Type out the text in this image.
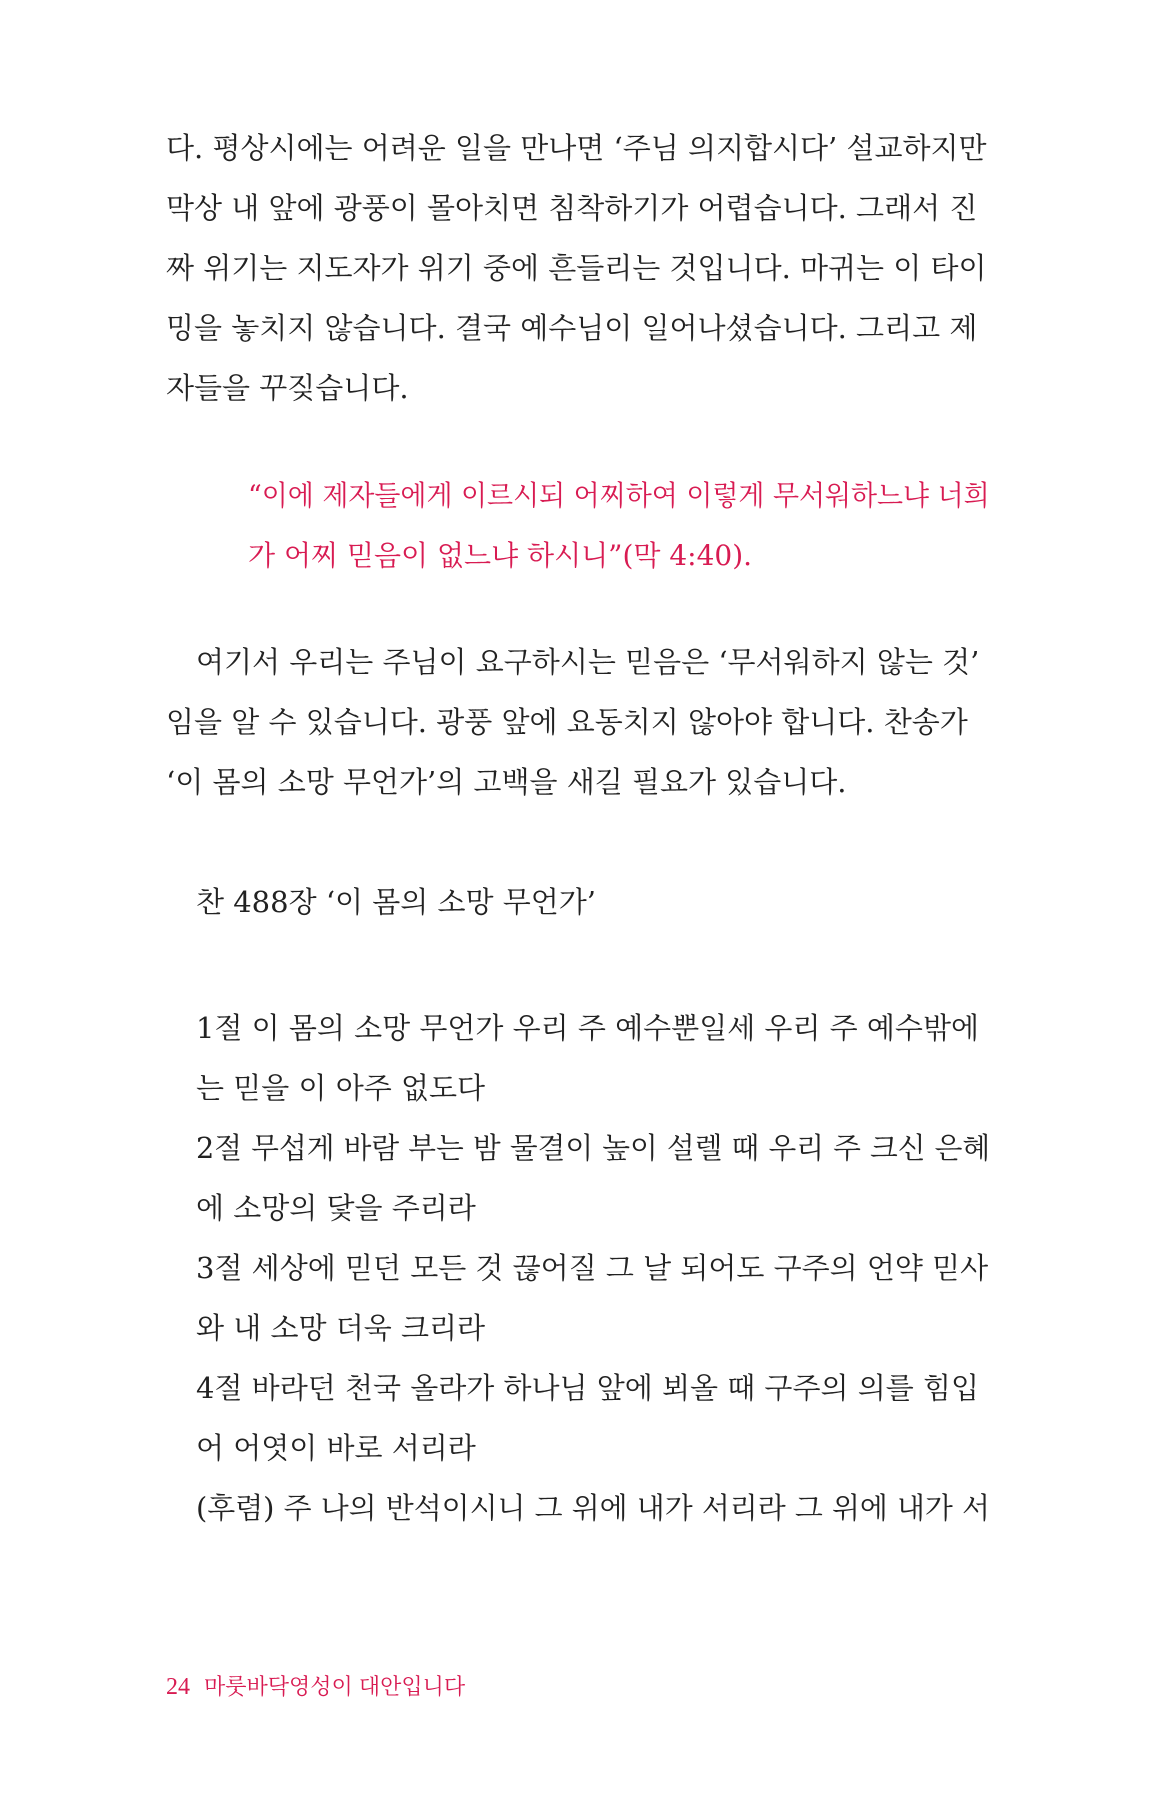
다. 평상시에는 어려운 일을 만나면 ‘주님 의지합시다’ 설교하지만
막상 내 앞에 광풍이 몰아치면 침착하기가 어렵습니다. 그래서 진
짜 위기는 지도자가 위기 중에 흔들리는 것입니다. 마귀는 이 타이
밍을 놓치지 않습니다. 결국 예수님이 일어나셨습니다. 그리고 제
자들을 꾸짖습니다.
“이에 제자들에게 이르시되 어찌하여 이렇게 무서워하느냐 너희
가 어찌 믿음이 없느냐 하시니”(막 4:40).
여기서 우리는 주님이 요구하시는 믿음은 ‘무서워하지 않는 것’
임을 알 수 있습니다. 광풍 앞에 요동치지 않아야 합니다. 찬송가
‘이 몸의 소망 무언가’의 고백을 새길 필요가 있습니다.
찬 488장 ‘이 몸의 소망 무언가’
1절 이 몸의 소망 무언가 우리 주 예수뿐일세 우리 주 예수밖에
는 믿을 이 아주 없도다
2절 무섭게 바람 부는 밤 물결이 높이 설렐 때 우리 주 크신 은혜
에 소망의 닻을 주리라
3절 세상에 믿던 모든 것 끊어질 그 날 되어도 구주의 언약 믿사
와 내 소망 더욱 크리라
4절 바라던 천국 올라가 하나님 앞에 뵈올 때 구주의 의를 힘입
어 어엿이 바로 서리라
(후렴) 주 나의 반석이시니 그 위에 내가 서리라 그 위에 내가 서
24 마룻바닥영성이 대안입니다
